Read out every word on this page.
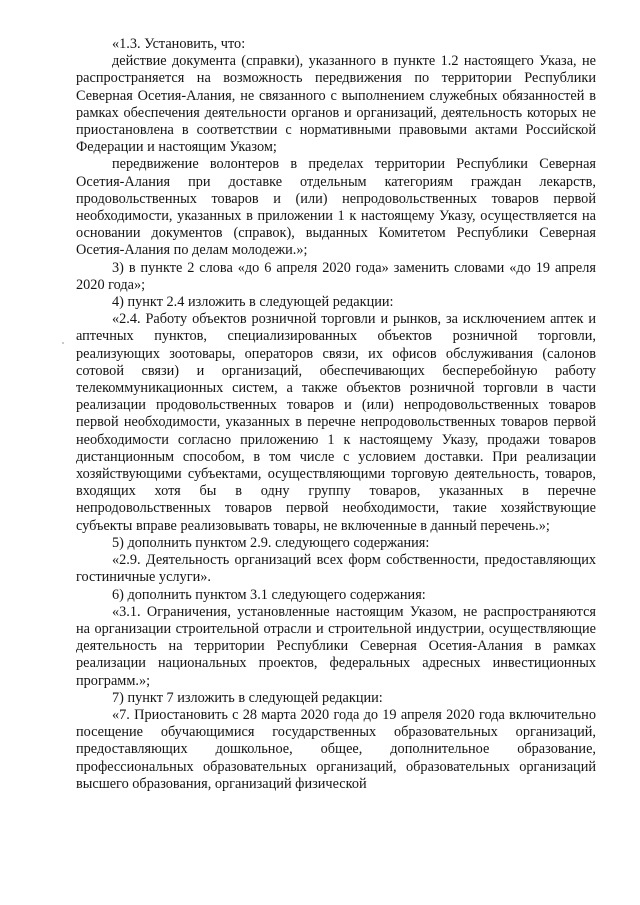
«1.3. Установить, что:

действие документа (справки), указанного в пункте 1.2 настоящего Указа, не распространяется на возможность передвижения по территории Республики Северная Осетия-Алания, не связанного с выполнением служебных обязанностей в рамках обеспечения деятельности органов и организаций, деятельность которых не приостановлена в соответствии с нормативными правовыми актами Российской Федерации и настоящим Указом;

передвижение волонтеров в пределах территории Республики Северная Осетия-Алания при доставке отдельным категориям граждан лекарств, продовольственных товаров и (или) непродовольственных товаров первой необходимости, указанных в приложении 1 к настоящему Указу, осуществляется на основании документов (справок), выданных Комитетом Республики Северная Осетия-Алания по делам молодежи.»;

3) в пункте 2 слова «до 6 апреля 2020 года» заменить словами «до 19 апреля 2020 года»;

4) пункт 2.4 изложить в следующей редакции:

«2.4. Работу объектов розничной торговли и рынков, за исключением аптек и аптечных пунктов, специализированных объектов розничной торговли, реализующих зоотовары, операторов связи, их офисов обслуживания (салонов сотовой связи) и организаций, обеспечивающих бесперебойную работу телекоммуникационных систем, а также объектов розничной торговли в части реализации продовольственных товаров и (или) непродовольственных товаров первой необходимости, указанных в перечне непродовольственных товаров первой необходимости согласно приложению 1 к настоящему Указу, продажи товаров дистанционным способом, в том числе с условием доставки. При реализации хозяйствующими субъектами, осуществляющими торговую деятельность, товаров, входящих хотя бы в одну группу товаров, указанных в перечне непродовольственных товаров первой необходимости, такие хозяйствующие субъекты вправе реализовывать товары, не включенные в данный перечень.»;

5) дополнить пунктом 2.9. следующего содержания:

«2.9. Деятельность организаций всех форм собственности, предоставляющих гостиничные услуги».

6) дополнить пунктом 3.1 следующего содержания:

«3.1. Ограничения, установленные настоящим Указом, не распространяются на организации строительной отрасли и строительной индустрии, осуществляющие деятельность на территории Республики Северная Осетия-Алания в рамках реализации национальных проектов, федеральных адресных инвестиционных программ.»;

7) пункт 7 изложить в следующей редакции:

«7. Приостановить с 28 марта 2020 года до 19 апреля 2020 года включительно посещение обучающимися государственных образовательных организаций, предоставляющих дошкольное, общее, дополнительное образование, профессиональных образовательных организаций, образовательных организаций высшего образования, организаций физической
